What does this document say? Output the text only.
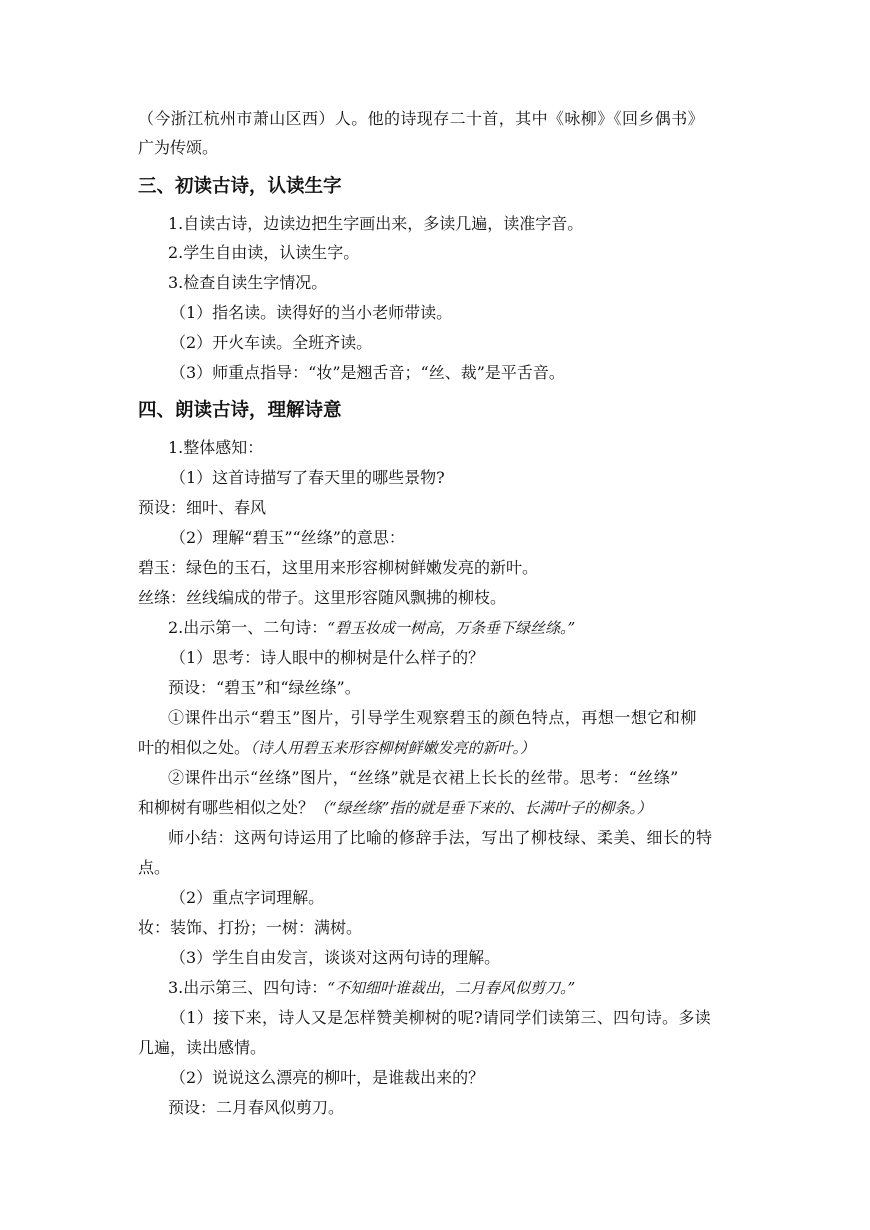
（今浙江杭州市萧山区西）人。他的诗现存二十首，其中《咏柳》《回乡偶书》
广为传颂。
三、初读古诗，认读生字
1.自读古诗，边读边把生字画出来，多读几遍，读准字音。
2.学生自由读，认读生字。
3.检查自读生字情况。
（1）指名读。读得好的当小老师带读。
（2）开火车读。全班齐读。
（3）师重点指导：“妆”是翘舌音；“丝、裁”是平舌音。
四、朗读古诗，理解诗意
1.整体感知：
（1）这首诗描写了春天里的哪些景物?
预设：细叶、春风
（2）理解“碧玉”“丝绦”的意思：
碧玉：绿色的玉石，这里用来形容柳树鲜嫩发亮的新叶。
丝绦：丝线编成的带子。这里形容随风飘拂的柳枝。
2.出示第一、二句诗：“碧玉妆成一树高，万条垂下绿丝绦。”
（1）思考：诗人眼中的柳树是什么样子的？
预设：“碧玉”和“绿丝绦”。
①课件出示“碧玉”图片，引导学生观察碧玉的颜色特点，再想一想它和柳
叶的相似之处。（诗人用碧玉来形容柳树鲜嫩发亮的新叶。）
②课件出示“丝绦”图片，“丝绦”就是衣裙上长长的丝带。思考：“丝绦”
和柳树有哪些相似之处？（“绿丝绦”指的就是垂下来的、长满叶子的柳条。）
师小结：这两句诗运用了比喻的修辞手法，写出了柳枝绿、柔美、细长的特
点。
（2）重点字词理解。
妆：装饰、打扮；一树：满树。
（3）学生自由发言，谈谈对这两句诗的理解。
3.出示第三、四句诗：“不知细叶谁裁出，二月春风似剪刀。”
（1）接下来，诗人又是怎样赞美柳树的呢?请同学们读第三、四句诗。多读
几遍，读出感情。
（2）说说这么漂亮的柳叶，是谁裁出来的？
预设：二月春风似剪刀。
